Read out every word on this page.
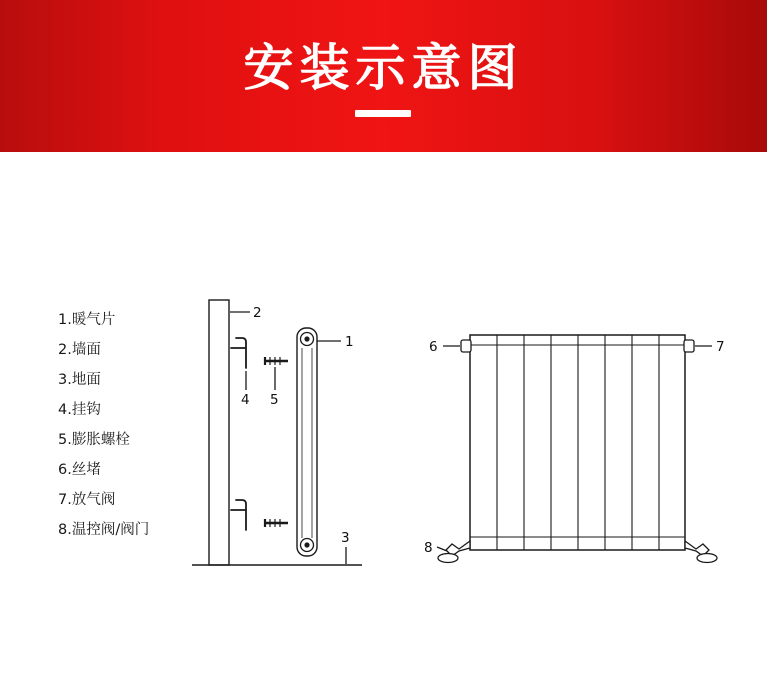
安装示意图
1.暖气片
2.墙面
3.地面
4.挂钩
5.膨胀螺栓
6.丝堵
7.放气阀
8.温控阀/阀门
1
2
3
4 5
6	7
8
